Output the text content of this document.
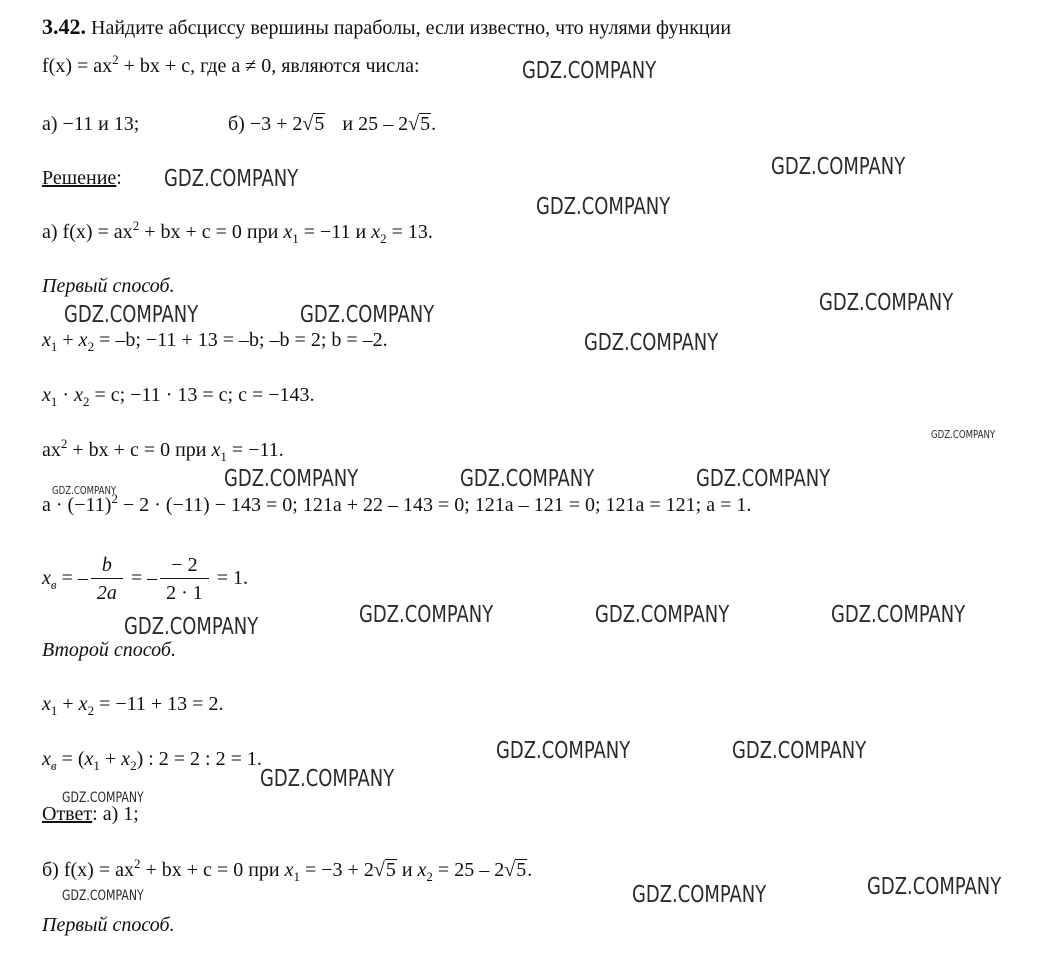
3.42. Найдите абсциссу вершины параболы, если известно, что нулями функции
$f(x) = ax^2$ + bx + c, где a ≠ 0, являются числа:
а) −11 и 13;	б) −3 + 2√5 и 25 – 2√5.
Решение:
а) $f(x) = ax^2$ + bx + c = 0 при $x_1 = -11$ и $x_2 = 13$.
Первый способ.
$x_1 + x_2 = -b$; −11 + 13 = –b; –b = 2; b = –2.
$x_1 \cdot x_2 = c$; −11 · 13 = c; c = −143.
$ax^2$ + bx + c = 0 при $x_1 = -11$.
$a \cdot (-11)^2 - 2 \cdot (-11) - 143 = 0$; 121a + 22 – 143 = 0; 121a – 121 = 0; 121a = 121; a = 1.
$x_в$ = – $\frac{b}{2a}$ = – $\frac{- 2}{2 \cdot 1} = 1$.
Второй способ.
$x_1 + x_2 = -11 + 13 = 2$.
$x_в = (x_1 + x_2)$ : 2 = 2 : 2 = 1.
Ответ: а) 1;
б) $f(x) = ax^2$ + bx + c = 0 при $x_1 = -3 + 2√5$ и $x_2 = 25 - 2√5$.
Первый способ.
GDZ.COMPANY
GDZ.COMPANY	GDZ.COMPANY
GDZ.COMPANY
GDZ.COMPANY
GDZ.COMPANY	GDZ.COMPANY
GDZ.COMPANY
GDZ.COMPANY
GDZ.COMPANY	GDZ.COMPANY	GDZ.COMPANY
GDZ.COMPANY
GDZ.COMPANY	GDZ.COMPANY	GDZ.COMPANY
GDZ.COMPANY
GDZ.COMPANY	GDZ.COMPANY
GDZ.COMPANY
GDZ.COMPANY
GDZ.COMPANY
GDZ.COMPANY	GDZ.COMPANY
